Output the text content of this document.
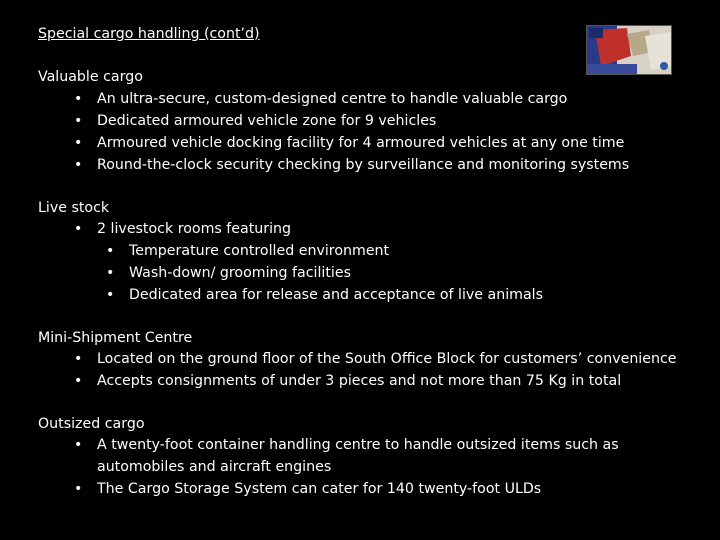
Special cargo handling (cont’d)
Valuable cargo
• An ultra-secure, custom-designed centre to handle valuable cargo
• Dedicated armoured vehicle zone for 9 vehicles
• Armoured vehicle docking facility for 4 armoured vehicles at any one time
• Round-the-clock security checking by surveillance and monitoring systems
Live stock
• 2 livestock rooms featuring
• Temperature controlled environment
• Wash-down/ grooming facilities
• Dedicated area for release and acceptance of live animals
Mini-Shipment Centre
• Located on the ground floor of the South Office Block for customers’ convenience
• Accepts consignments of under 3 pieces and not more than 75 Kg in total
Outsized cargo
• A twenty-foot container handling centre to handle outsized items such as
automobiles and aircraft engines
• The Cargo Storage System can cater for 140 twenty-foot ULDs
